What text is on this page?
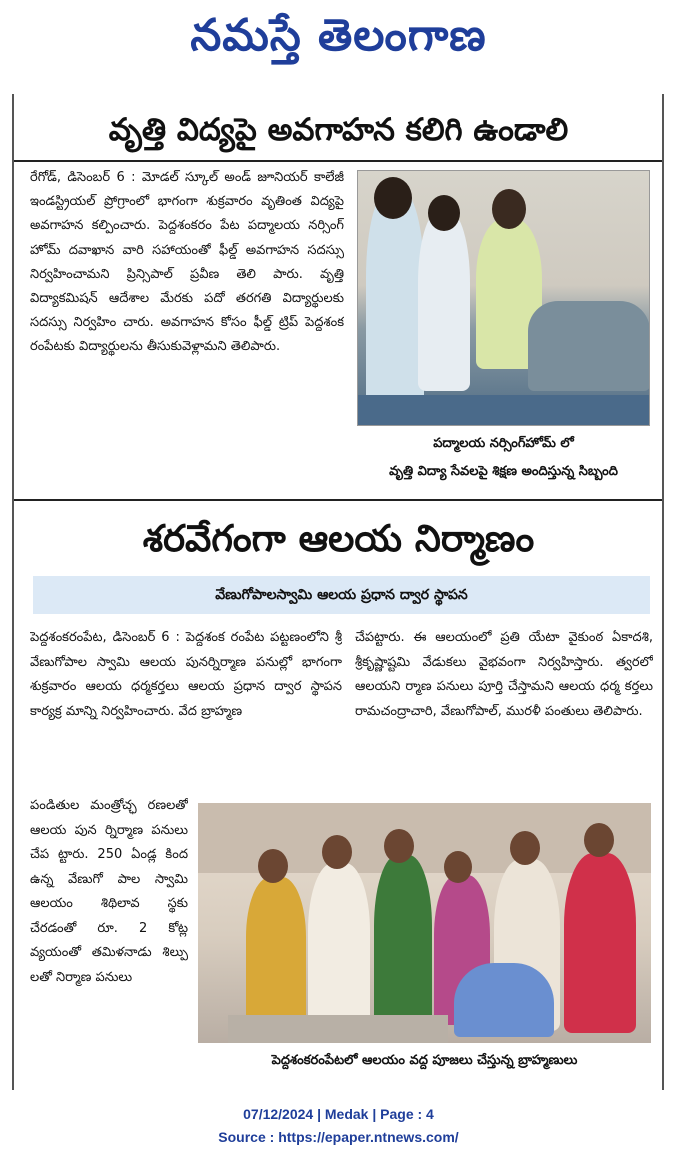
నమస్తే తెలంగాణ
వృత్తి విద్యపై అవగాహన కలిగి ఉండాలి

రేగోడ్, డిసెంబర్ 6 : మోడల్ స్కూల్ అండ్ జూనియర్ కాలేజీ ఇండస్ట్రియల్ ప్రోగ్రాంలో భాగంగా శుక్రవారం వృతింత విద్యపై అవగాహన కల్పించారు. పెద్దశంకరం పేట పద్మాలయ నర్సింగ్ హోమ్ దవాఖాన వారి సహాయంతో ఫీల్డ్ అవగాహన సదస్సు నిర్వహించామని ప్రిన్సిపాల్ ప్రవీణ తెలి పారు. వృత్తి విద్యాకమిషన్ ఆదేశాల మేరకు పదో తరగతి విద్యార్థులకు సదస్సు నిర్వహిం చారు. అవగాహన కోసం ఫీల్డ్ ట్రిప్ పెద్దశంక రంపేటకు విద్యార్థులను తీసుకువెళ్లామని తెలిపారు.

పద్మాలయ నర్సింగ్‌హోమ్ లో
వృత్తి విద్యా సేవలపై శిక్షణ అందిస్తున్న సిబ్బంది
శరవేగంగా ఆలయ నిర్మాణం
వేణుగోపాలస్వామి ఆలయ ప్రధాన ద్వార స్థాపన

పెద్దశంకరంపేట, డిసెంబర్ 6 : పెద్దశంక రంపేట పట్టణంలోని శ్రీ వేణుగోపాల స్వామి ఆలయ పునర్నిర్మాణ పనుల్లో భాగంగా శుక్రవారం ఆలయ ధర్మకర్తలు ఆలయ ప్రధాన ద్వార స్థాపన కార్యక్ర మాన్ని నిర్వహించారు. వేద బ్రాహ్మణ

చేపట్టారు. ఈ ఆలయంలో ప్రతి యేటా వైకుంఠ ఏకాదశి, శ్రీకృష్ణాష్టమి వేడుకలు వైభవంగా నిర్వహిస్తారు. త్వరలో ఆలయని ర్మాణ పనులు పూర్తి చేస్తామని ఆలయ ధర్మ కర్తలు రామచంద్రాచారి, వేణుగోపాల్, మురళీ పంతులు తెలిపారు.

పండితుల మంత్రోచ్ఛ రణలతో ఆలయ పున ర్నిర్మాణ పనులు చేప ట్టారు. 250 ఏండ్ల కింద ఉన్న వేణుగో పాల స్వామి ఆలయం శిథిలావ స్థకు చేరడంతో రూ. 2 కోట్ల వ్యయంతో తమిళనాడు శిల్పు లతో నిర్మాణ పనులు

పెద్దశంకరంపేటలో ఆలయం వద్ద పూజలు చేస్తున్న బ్రాహ్మణులు
07/12/2024 | Medak | Page : 4
Source : https://epaper.ntnews.com/
